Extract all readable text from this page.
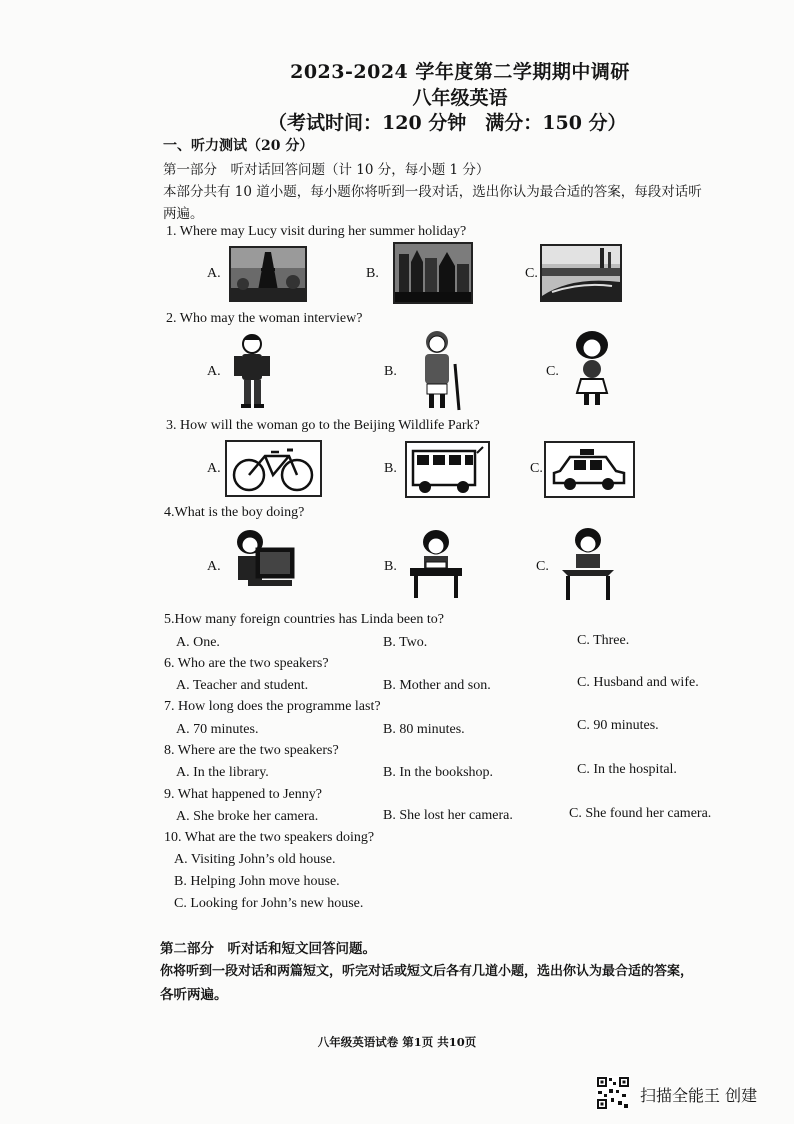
2023-2024 学年度第二学期期中调研
八年级英语
（考试时间：120 分钟　满分：150 分）
一、听力测试（20 分）
第一部分　听对话回答问题（计 10 分，每小题 1 分）
本部分共有 10 道小题，每小题你将听到一段对话，选出你认为最合适的答案，每段对话听
两遍。
1. Where may Lucy visit during her summer holiday?
A.	B.	C.
2. Who may the woman interview?
A.	B.	C.
3. How will the woman go to the Beijing Wildlife Park?
A.	B.	C.
4.What is the boy doing?
A.	B.	C.
5.How many foreign countries has Linda been to?
A. One.	B. Two.	C. Three.
6. Who are the two speakers?
A. Teacher and student.	B. Mother and son.	C. Husband and wife.
7. How long does the programme last?
A. 70 minutes.	B. 80 minutes.	C. 90 minutes.
8. Where are the two speakers?
A. In the library.	B. In the bookshop.	C. In the hospital.
9. What happened to Jenny?
A. She broke her camera.	B. She lost her camera.	C. She found her camera.
10. What are the two speakers doing?
A. Visiting John’s old house.
B. Helping John move house.
C. Looking for John’s new house.
第二部分　听对话和短文回答问题。
你将听到一段对话和两篇短文，听完对话或短文后各有几道小题，选出你认为最合适的答案，
各听两遍。
八年级英语试卷 第1页 共10页
扫描全能王 创建
